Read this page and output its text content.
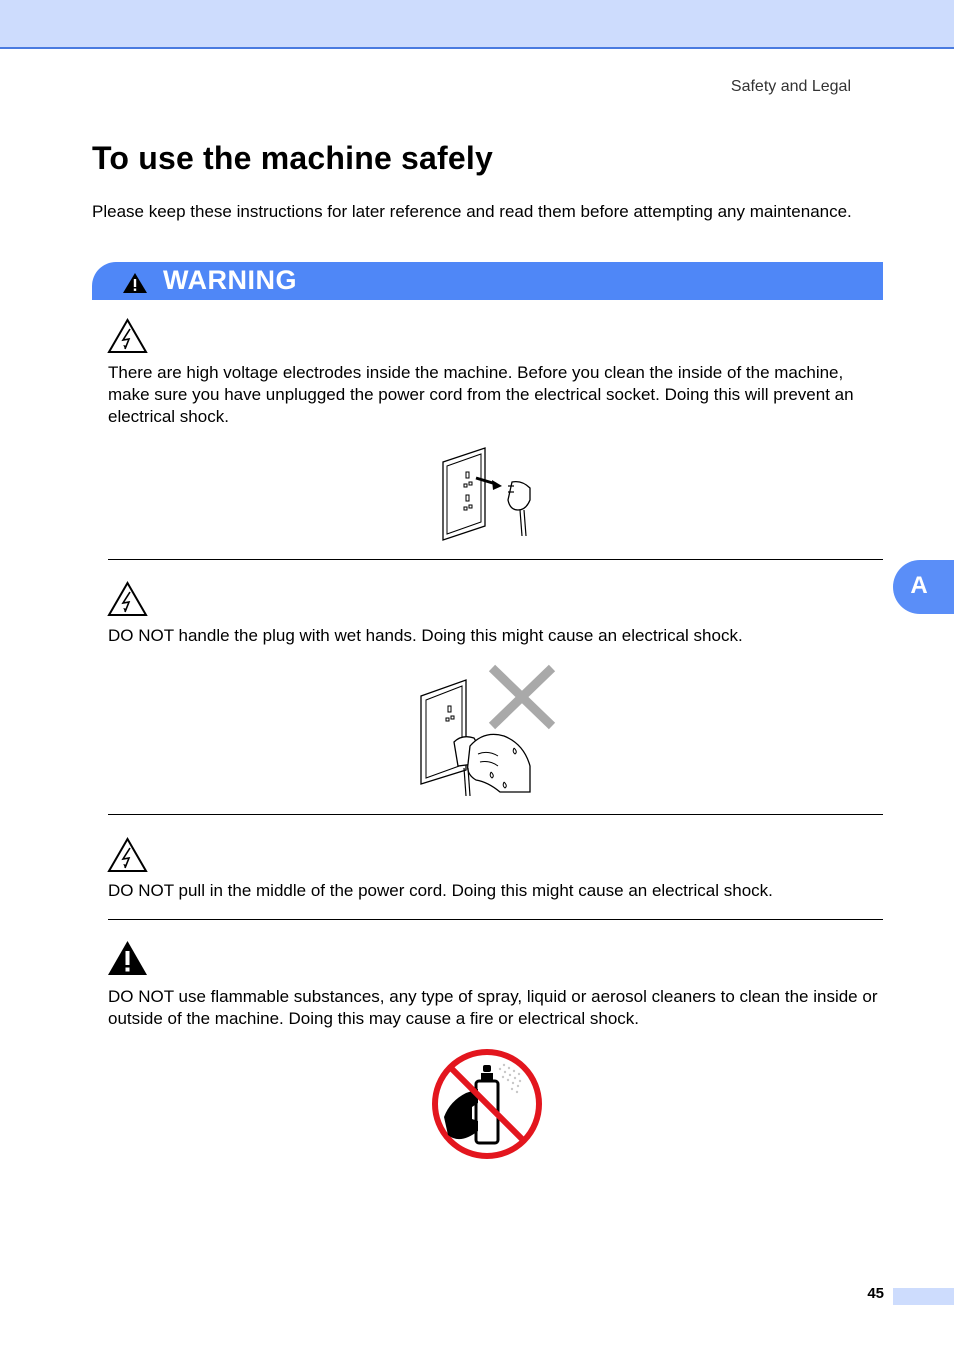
Safety and Legal
To use the machine safely

Please keep these instructions for later reference and read them before attempting any maintenance.

WARNING

There are high voltage electrodes inside the machine. Before you clean the inside of the machine, make sure you have unplugged the power cord from the electrical socket. Doing this will prevent an electrical shock.

DO NOT handle the plug with wet hands. Doing this might cause an electrical shock.

DO NOT pull in the middle of the power cord. Doing this might cause an electrical shock.

DO NOT use flammable substances, any type of spray, liquid or aerosol cleaners to clean the inside or outside of the machine. Doing this may cause a fire or electrical shock.

A
45
